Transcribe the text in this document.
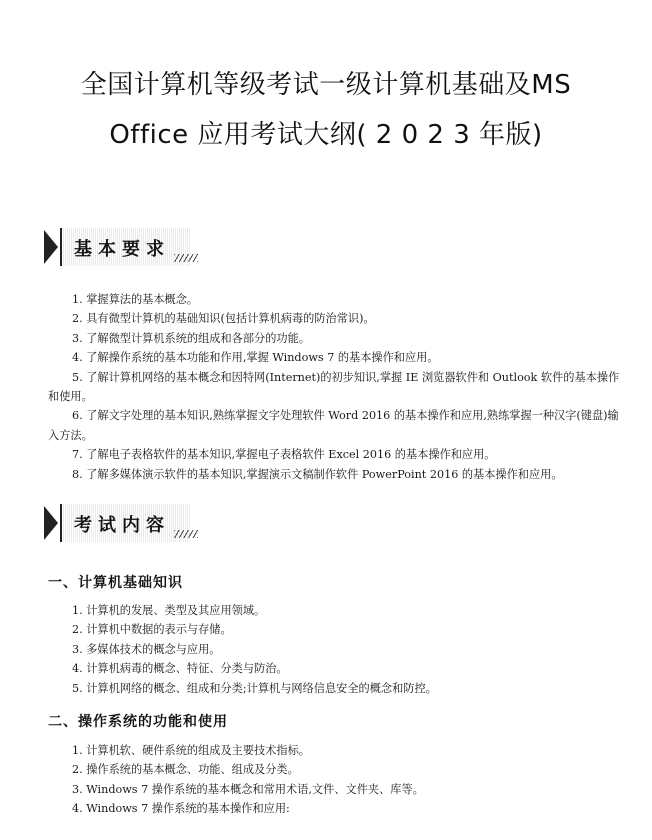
全国计算机等级考试一级计算机基础及MS
Office 应用考试大纲( 2 0 2 3 年版)
基本要求

1. 掌握算法的基本概念。

2. 具有微型计算机的基础知识(包括计算机病毒的防治常识)。

3. 了解微型计算机系统的组成和各部分的功能。

4. 了解操作系统的基本功能和作用,掌握 Windows 7 的基本操作和应用。

5. 了解计算机网络的基本概念和因特网(Internet)的初步知识,掌握 IE 浏览器软件和 Outlook 软件的基本操作和使用。

6. 了解文字处理的基本知识,熟练掌握文字处理软件 Word 2016 的基本操作和应用,熟练掌握一种汉字(键盘)输入方法。

7. 了解电子表格软件的基本知识,掌握电子表格软件 Excel 2016 的基本操作和应用。

8. 了解多媒体演示软件的基本知识,掌握演示文稿制作软件 PowerPoint 2016 的基本操作和应用。

考试内容
一、计算机基础知识

1. 计算机的发展、类型及其应用领域。

2. 计算机中数据的表示与存储。

3. 多媒体技术的概念与应用。

4. 计算机病毒的概念、特征、分类与防治。

5. 计算机网络的概念、组成和分类;计算机与网络信息安全的概念和防控。

二、操作系统的功能和使用

1. 计算机软、硬件系统的组成及主要技术指标。

2. 操作系统的基本概念、功能、组成及分类。

3. Windows 7 操作系统的基本概念和常用术语,文件、文件夹、库等。

4. Windows 7 操作系统的基本操作和应用:
